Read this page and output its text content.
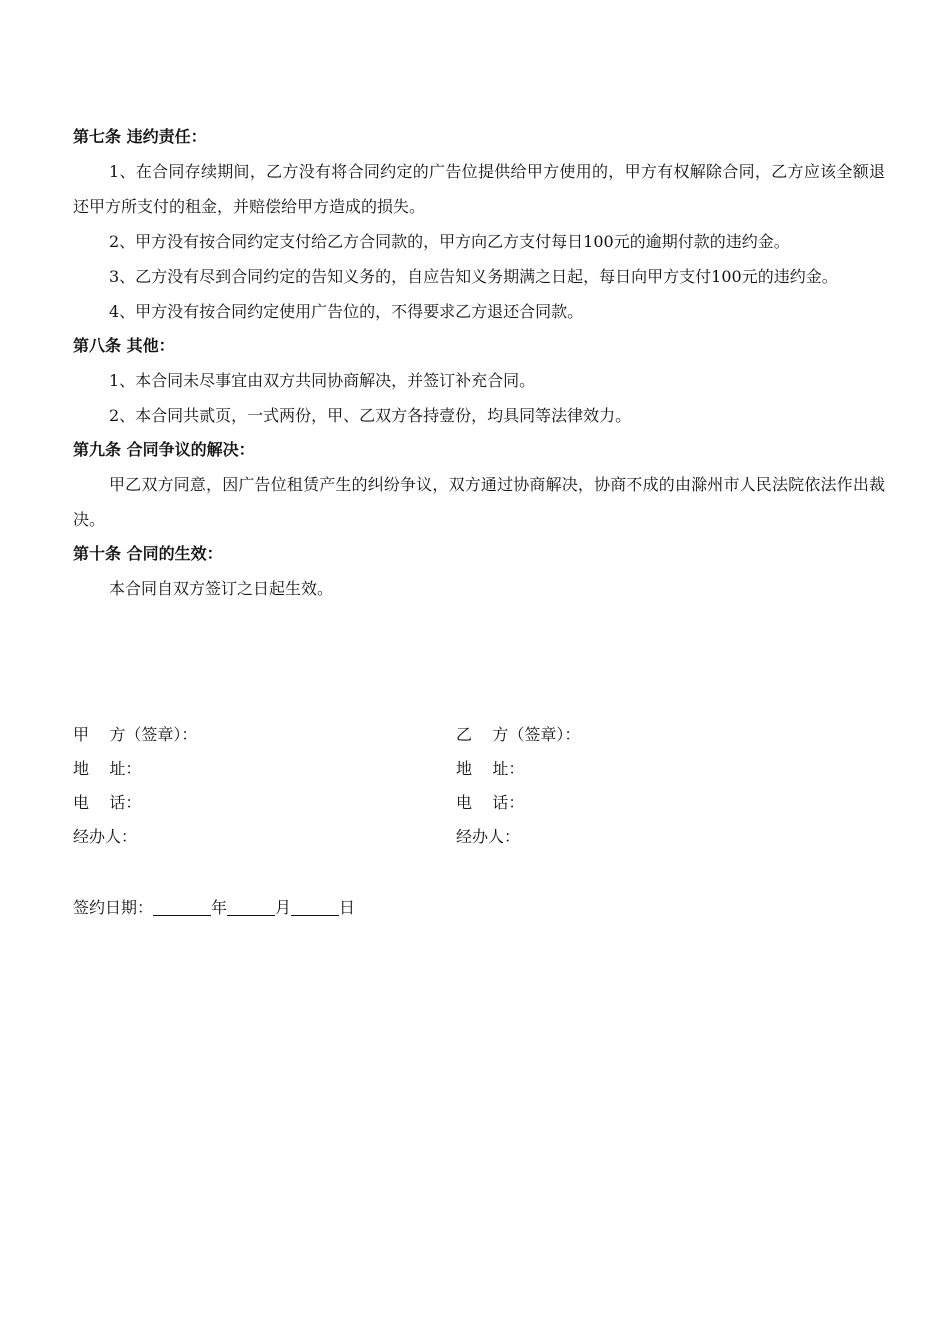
第七条 违约责任：

1、在合同存续期间，乙方没有将合同约定的广告位提供给甲方使用的，甲方有权解除合同，乙方应该全额退还甲方所支付的租金，并赔偿给甲方造成的损失。

2、甲方没有按合同约定支付给乙方合同款的，甲方向乙方支付每日100元的逾期付款的违约金。

3、乙方没有尽到合同约定的告知义务的，自应告知义务期满之日起，每日向甲方支付100元的违约金。

4、甲方没有按合同约定使用广告位的，不得要求乙方退还合同款。

第八条 其他：

1、本合同未尽事宜由双方共同协商解决，并签订补充合同。

2、本合同共贰页，一式两份，甲、乙双方各持壹份，均具同等法律效力。

第九条 合同争议的解决：

甲乙双方同意，因广告位租赁产生的纠纷争议，双方通过协商解决，协商不成的由滁州市人民法院依法作出裁决。

第十条 合同的生效：

本合同自双方签订之日起生效。

甲    方（签章）：	乙    方（签章）：
地    址：	地    址：
电    话：	电    话：
经办人：	经办人：
签约日期：	年	月	日
